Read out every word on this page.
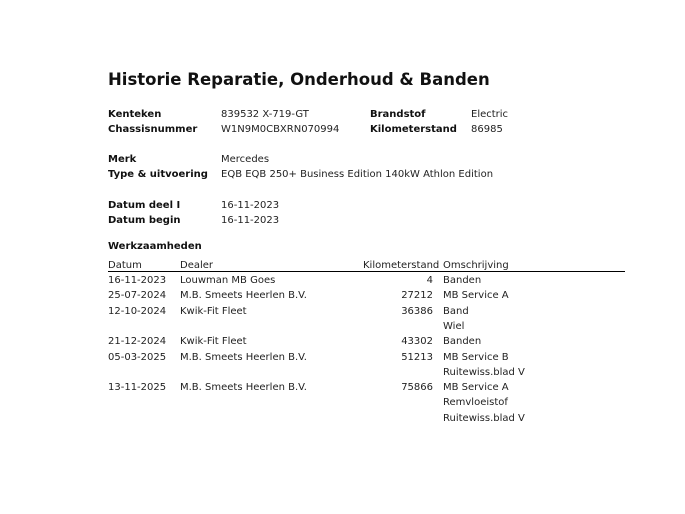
Historie Reparatie, Onderhoud & Banden
Kenteken	839532 X-719-GT	Brandstof	Electric
Chassisnummer W1N9M0CBXRN070994	Kilometerstand 86985
Merk	Mercedes
Type & uitvoering EQB EQB 250+ Business Edition 140kW Athlon Edition
Datum deel I	16-11-2023
Datum begin	16-11-2023
Werkzaamheden
Datum	Dealer	Kilometerstand Omschrijving
16-11-2023 Louwman MB Goes	4 Banden
25-07-2024 M.B. Smeets Heerlen B.V.	27212 MB Service A
12-10-2024 Kwik-Fit Fleet	36386 Band
Wiel
21-12-2024 Kwik-Fit Fleet	43302 Banden
05-03-2025 M.B. Smeets Heerlen B.V.	51213 MB Service B
Ruitewiss.blad V
13-11-2025 M.B. Smeets Heerlen B.V.	75866 MB Service A
Remvloeistof
Ruitewiss.blad V
